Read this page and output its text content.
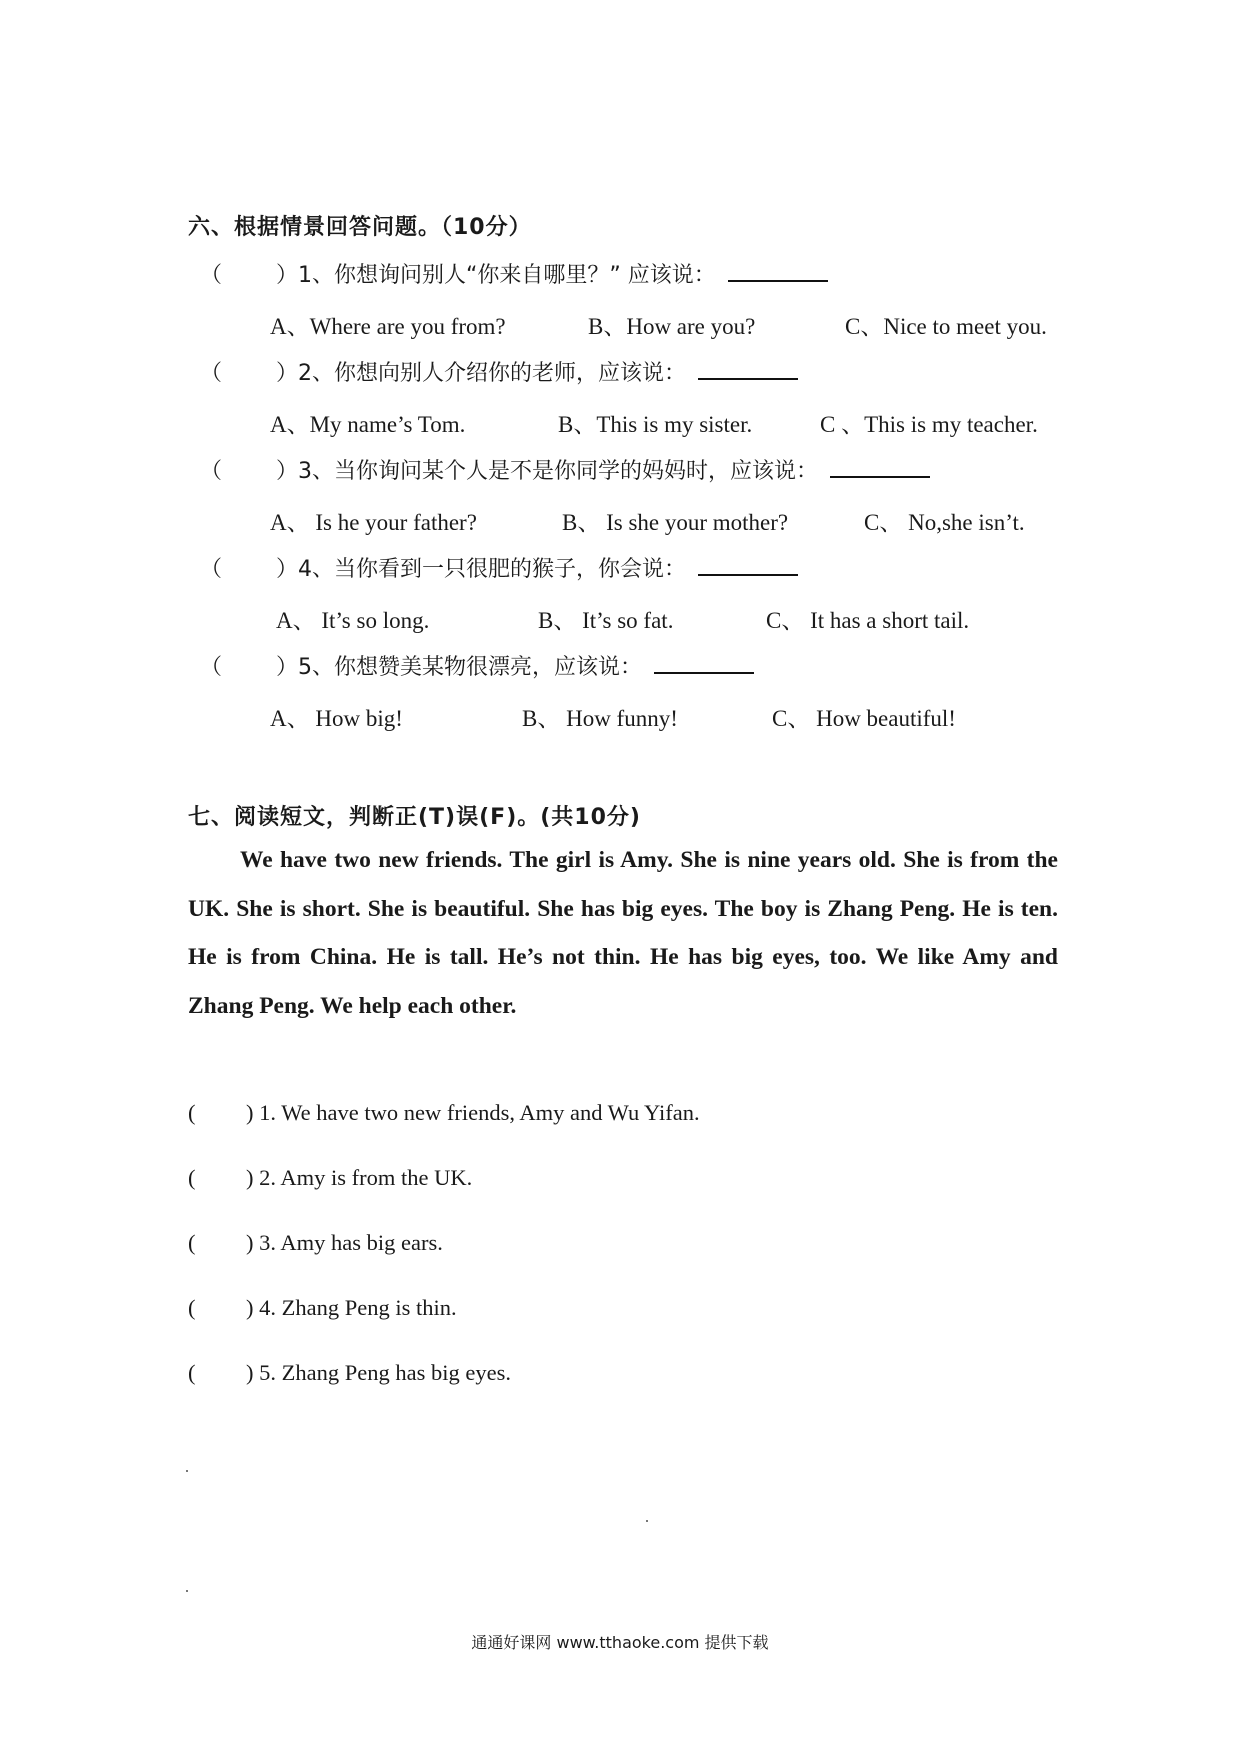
六、根据情景回答问题。（10分）
（	） 1、你想询问别人“你来自哪里？” 应该说：
A、Where are you from?	B、How are you?	C、Nice to meet you.
（	） 2、你想向别人介绍你的老师，应该说：
A、My name’s Tom.	B、This is my sister.	C 、This is my teacher.
（	） 3、当你询问某个人是不是你同学的妈妈时，应该说：
A、 Is he your father?	B、 Is she your mother?	C、 No,she isn’t.
（	） 4、当你看到一只很肥的猴子，你会说：
A、 It’s so long.	B、 It’s so fat.	C、 It has a short tail.
（	） 5、你想赞美某物很漂亮，应该说：
A、 How big!	B、 How funny!	C、 How beautiful!
七、阅读短文，判断正(T)误(F)。(共10分)
We have two new friends. The girl is Amy. She is nine years old. She is from the UK. She is short. She is beautiful. She has big eyes. The boy is Zhang Peng. He is ten. He is from China. He is tall. He’s not thin. He has big eyes, too. We like Amy and Zhang Peng. We help each other.
( ) 1. We have two new friends, Amy and Wu Yifan.
( ) 2. Amy is from the UK.
( ) 3. Amy has big ears.
( ) 4. Zhang Peng is thin.
( ) 5. Zhang Peng has big eyes.
通通好课网 www.tthaoke.com 提供下载
